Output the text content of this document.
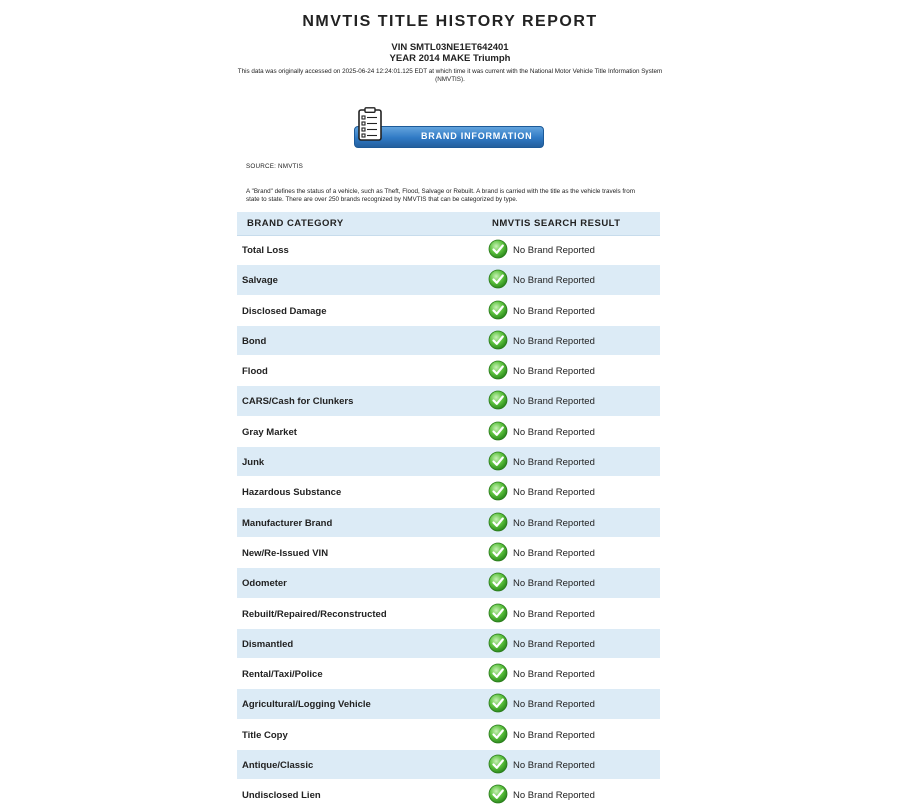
NMVTIS TITLE HISTORY REPORT
VIN SMTL03NE1ET642401
YEAR 2014 MAKE Triumph
This data was originally accessed on 2025-06-24 12:24:01.125 EDT at which time it was current with the National Motor Vehicle Title Information System (NMVTIS).
BRAND INFORMATION
SOURCE: NMVTIS
A "Brand" defines the status of a vehicle, such as Theft, Flood, Salvage or Rebuilt. A brand is carried with the title as the vehicle travels from state to state. There are over 250 brands recognized by NMVTIS that can be categorized by type.
BRAND CATEGORY	NMVTIS SEARCH RESULT
Total Loss	No Brand Reported
Salvage	No Brand Reported
Disclosed Damage	No Brand Reported
Bond	No Brand Reported
Flood	No Brand Reported
CARS/Cash for Clunkers	No Brand Reported
Gray Market	No Brand Reported
Junk	No Brand Reported
Hazardous Substance	No Brand Reported
Manufacturer Brand	No Brand Reported
New/Re-Issued VIN	No Brand Reported
Odometer	No Brand Reported
Rebuilt/Repaired/Reconstructed	No Brand Reported
Dismantled	No Brand Reported
Rental/Taxi/Police	No Brand Reported
Agricultural/Logging Vehicle	No Brand Reported
Title Copy	No Brand Reported
Antique/Classic	No Brand Reported
Undisclosed Lien	No Brand Reported
